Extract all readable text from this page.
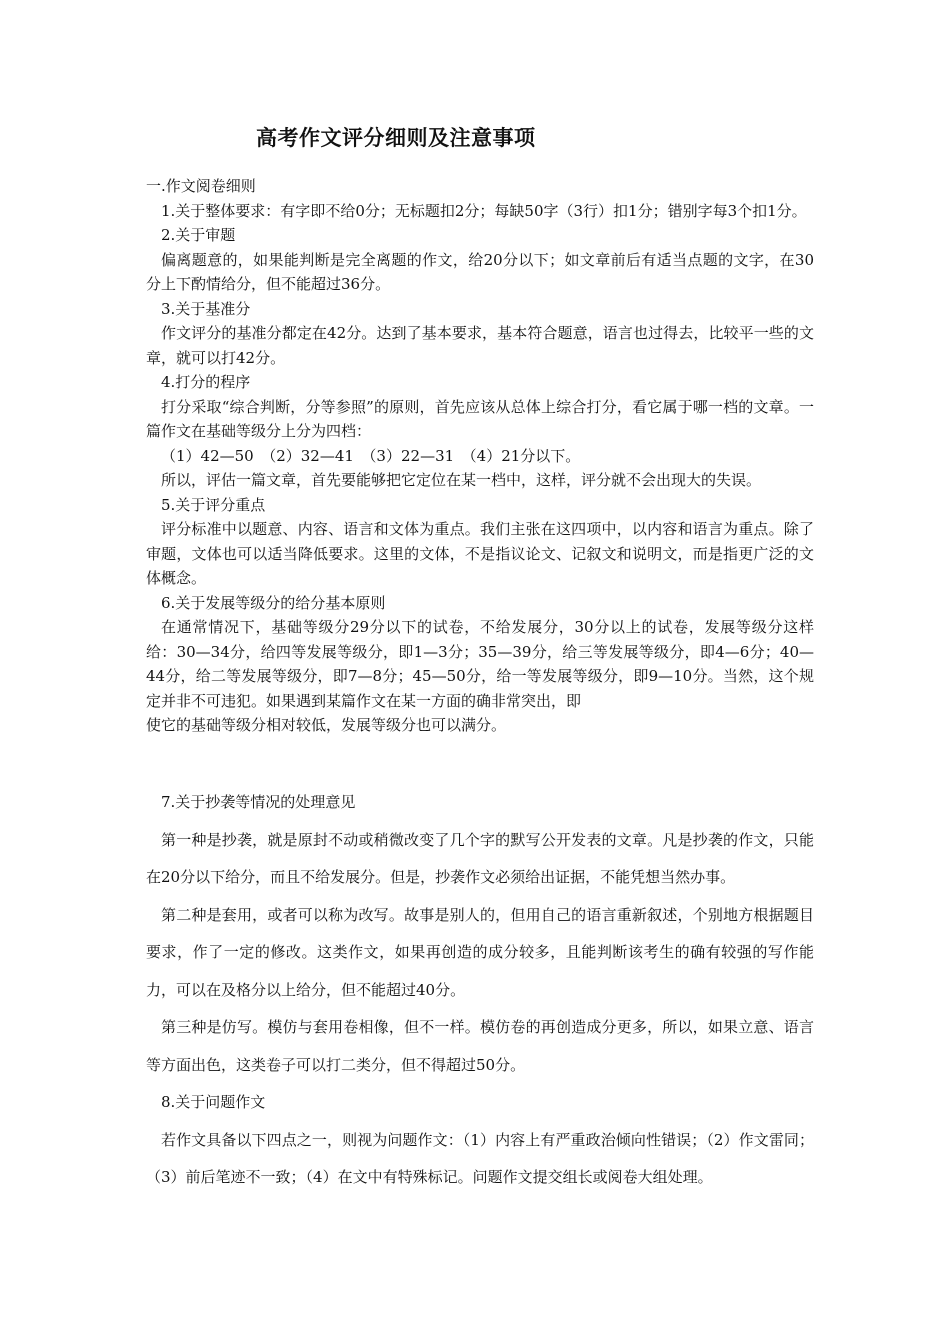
高考作文评分细则及注意事项

一.作文阅卷细则

1.关于整体要求：有字即不给0分；无标题扣2分；每缺50字（3行）扣1分；错别字每3个扣1分。

2.关于审题

偏离题意的，如果能判断是完全离题的作文，给20分以下；如文章前后有适当点题的文字，在30分上下酌情给分，但不能超过36分。

3.关于基准分

作文评分的基准分都定在42分。达到了基本要求，基本符合题意，语言也过得去，比较平一些的文章，就可以打42分。

4.打分的程序

打分采取“综合判断，分等参照”的原则，首先应该从总体上综合打分，看它属于哪一档的文章。一篇作文在基础等级分上分为四档：

（1）42—50　（2）32—41　（3）22—31　（4）21分以下。

所以，评估一篇文章，首先要能够把它定位在某一档中，这样，评分就不会出现大的失误。

5.关于评分重点

评分标准中以题意、内容、语言和文体为重点。我们主张在这四项中，以内容和语言为重点。除了审题，文体也可以适当降低要求。这里的文体，不是指议论文、记叙文和说明文，而是指更广泛的文体概念。

6.关于发展等级分的给分基本原则

在通常情况下，基础等级分29分以下的试卷，不给发展分，30分以上的试卷，发展等级分这样给：30—34分，给四等发展等级分，即1—3分；35—39分，给三等发展等级分，即4—6分；40—44分，给二等发展等级分，即7—8分；45—50分，给一等发展等级分，即9—10分。当然，这个规定并非不可违犯。如果遇到某篇作文在某一方面的确非常突出，即

使它的基础等级分相对较低，发展等级分也可以满分。

7.关于抄袭等情况的处理意见

第一种是抄袭，就是原封不动或稍微改变了几个字的默写公开发表的文章。凡是抄袭的作文，只能在20分以下给分，而且不给发展分。但是，抄袭作文必须给出证据，不能凭想当然办事。

第二种是套用，或者可以称为改写。故事是别人的，但用自己的语言重新叙述，个别地方根据题目要求，作了一定的修改。这类作文，如果再创造的成分较多，且能判断该考生的确有较强的写作能力，可以在及格分以上给分，但不能超过40分。

第三种是仿写。模仿与套用卷相像，但不一样。模仿卷的再创造成分更多，所以，如果立意、语言等方面出色，这类卷子可以打二类分，但不得超过50分。

8.关于问题作文

若作文具备以下四点之一，则视为问题作文：（1）内容上有严重政治倾向性错误；（2）作文雷同；（3）前后笔迹不一致；（4）在文中有特殊标记。问题作文提交组长或阅卷大组处理。
